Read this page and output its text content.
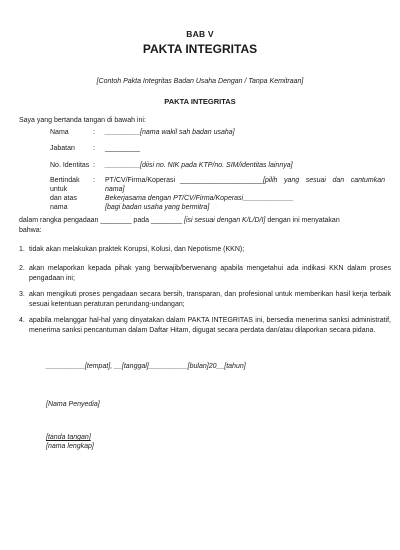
BAB V
PAKTA INTEGRITAS
[Contoh Pakta Integritas Badan Usaha Dengan / Tanpa Kemitraan]
PAKTA INTEGRITAS
Saya yang bertanda tangan di bawah ini:
Nama	: _________[nama wakil sah badan usaha]
Jabatan	: _________
No. Identitas : _________[diisi no. NIK pada KTP/no. SIM/identitas lainnya]
Bertindak
untuk
dan atas
nama
: PT/CV/Firma/Koperasi ______________________
[pilih yang sesuai dan cantumkan
nama]
Bekerjasama dengan PT/CV/Firma/Koperasi_____________
[bagi badan usaha yang bermitra]
dalam rangka pengadaan ________ pada ________ [isi sesuai dengan K/L/D/I] dengan ini menyatakan
bahwa:
1. tidak akan melakukan praktek Korupsi, Kolusi, dan Nepotisme (KKN);
2. akan melaporkan kepada pihak yang berwajib/berwenang apabila mengetahui ada indikasi KKN dalam proses pengadaan ini;
3. akan mengikuti proses pengadaan secara bersih, transparan, dan profesional untuk memberikan hasil kerja terbaik sesuai ketentuan peraturan perundang-undangan;
4. apabila melanggar hal-hal yang dinyatakan dalam PAKTA INTEGRITAS ini, bersedia menerima sanksi administratif, menerima sanksi pencantuman dalam Daftar Hitam, digugat secara perdata dan/atau dilaporkan secara pidana.
__________[tempat], __[tanggal]__________[bulan]20__[tahun]
[Nama Penyedia]
[tanda tangan]
[nama lengkap]
